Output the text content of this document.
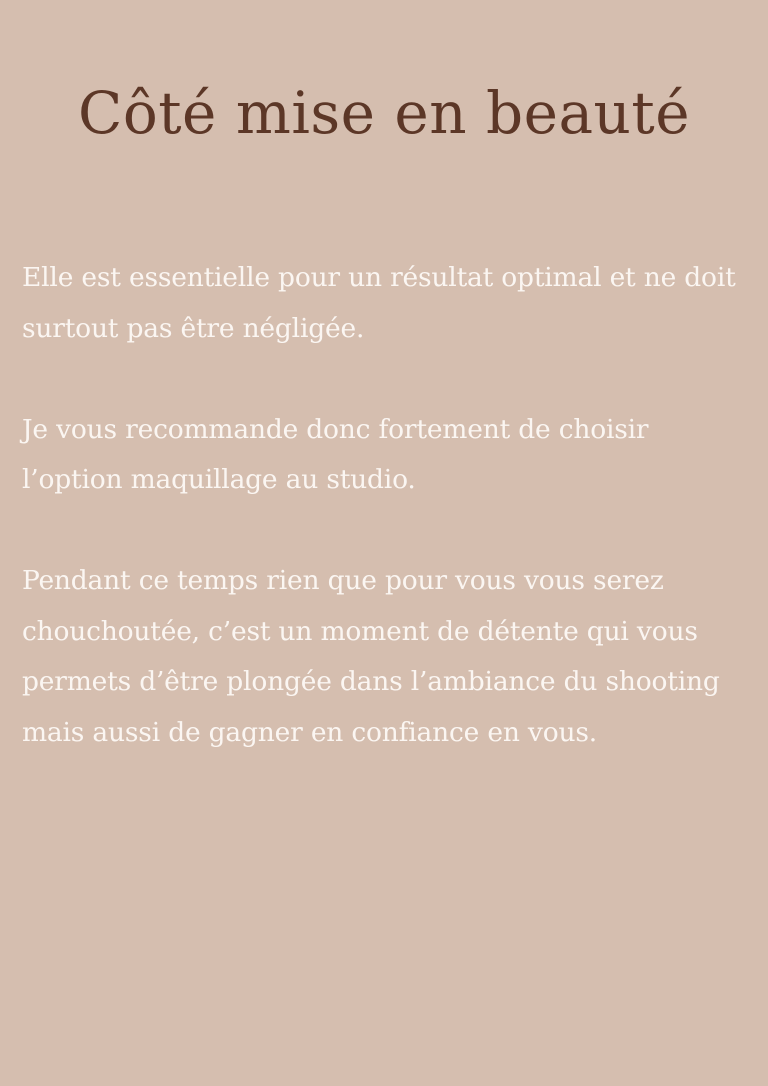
Côté mise en beauté

Elle est essentielle pour un résultat optimal et ne doit surtout pas être négligée.

Je vous recommande donc fortement de choisir l’option maquillage au studio.

Pendant ce temps rien que pour vous vous serez chouchoutée, c’est un moment de détente qui vous permets d’être plongée dans l’ambiance du shooting mais aussi de gagner en confiance en vous.
